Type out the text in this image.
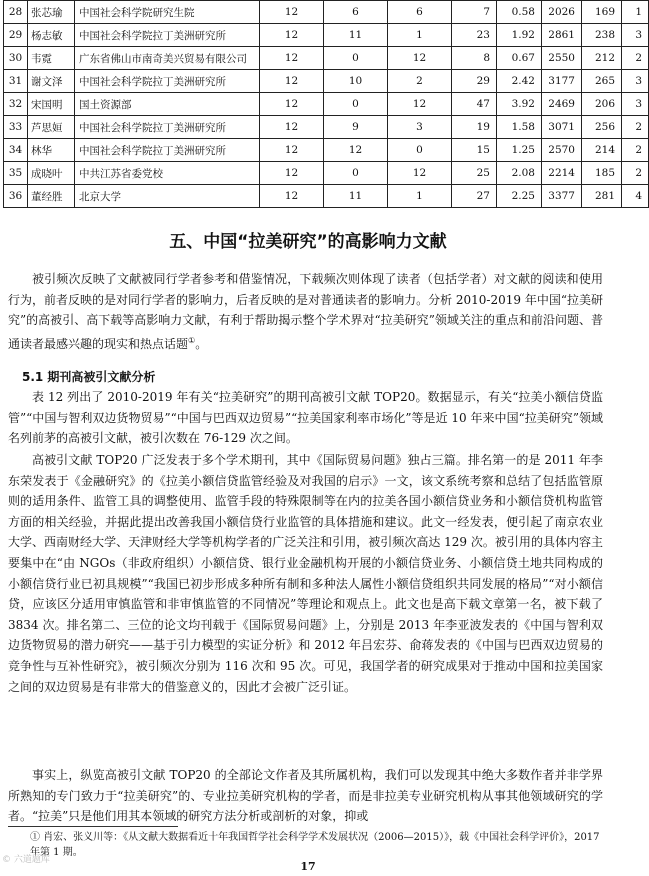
28	张芯瑜	中国社会科学院研究生院	12	6	6	7	0.58	2026	169	1
29	杨志敏	中国社会科学院拉丁美洲研究所	12	11	1	23	1.92	2861	238	3
30	韦霓	广东省佛山市南奇美兴贸易有限公司	12	0	12	8	0.67	2550	212	2
31	谢文泽	中国社会科学院拉丁美洲研究所	12	10	2	29	2.42	3177	265	3
32	宋国明	国土资源部	12	0	12	47	3.92	2469	206	3
33	芦思姮	中国社会科学院拉丁美洲研究所	12	9	3	19	1.58	3071	256	2
34	林华	中国社会科学院拉丁美洲研究所	12	12	0	15	1.25	2570	214	2
35	成晓叶	中共江苏省委党校	12	0	12	25	2.08	2214	185	2
36	董经胜	北京大学	12	11	1	27	2.25	3377	281	4
五、中国“拉美研究”的高影响力文献

被引频次反映了文献被同行学者参考和借鉴情况，下载频次则体现了读者（包括学者）对文献的阅读和使用行为，前者反映的是对同行学者的影响力，后者反映的是对普通读者的影响力。分析 2010-2019 年中国“拉美研究”的高被引、高下载等高影响力文献，有利于帮助揭示整个学术界对“拉美研究”领域关注的重点和前沿问题、普通读者最感兴趣的现实和热点话题①。

5.1 期刊高被引文献分析

表 12 列出了 2010-2019 年有关“拉美研究”的期刊高被引文献 TOP20。数据显示，有关“拉美小额信贷监管”“中国与智利双边货物贸易”“中国与巴西双边贸易”“拉美国家利率市场化”等是近 10 年来中国“拉美研究”领域名列前茅的高被引文献，被引次数在 76-129 次之间。

高被引文献 TOP20 广泛发表于多个学术期刊，其中《国际贸易问题》独占三篇。排名第一的是 2011 年李东荣发表于《金融研究》的《拉美小额信贷监管经验及对我国的启示》一文，该文系统考察和总结了包括监管原则的适用条件、监管工具的调整使用、监管手段的特殊限制等在内的拉美各国小额信贷业务和小额信贷机构监管方面的相关经验，并据此提出改善我国小额信贷行业监管的具体措施和建议。此文一经发表，便引起了南京农业大学、西南财经大学、天津财经大学等机构学者的广泛关注和引用，被引频次高达 129 次。被引用的具体内容主要集中在“由 NGOs（非政府组织）小额信贷、银行业金融机构开展的小额信贷业务、小额信贷土地共同构成的小额信贷行业已初具规模”“我国已初步形成多种所有制和多种法人属性小额信贷组织共同发展的格局”“对小额信贷，应该区分适用审慎监管和非审慎监管的不同情况”等理论和观点上。此文也是高下载文章第一名，被下载了 3834 次。排名第二、三位的论文均刊载于《国际贸易问题》上，分别是 2013 年李亚波发表的《中国与智利双边货物贸易的潜力研究——基于引力模型的实证分析》和 2012 年吕宏芬、俞蒋发表的《中国与巴西双边贸易的竞争性与互补性研究》，被引频次分别为 116 次和 95 次。可见，我国学者的研究成果对于推动中国和拉美国家之间的双边贸易是有非常大的借鉴意义的，因此才会被广泛引证。

事实上，纵览高被引文献 TOP20 的全部论文作者及其所属机构，我们可以发现其中绝大多数作者并非学界所熟知的专门致力于“拉美研究”的、专业拉美研究机构的学者，而是非拉美专业研究机构从事其他领域研究的学者。“拉美”只是他们用其本领域的研究方法分析或剖析的对象，抑或

① 肖宏、张义川等：《从文献大数据看近十年我国哲学社会科学学术发展状况（2006—2015）》，载《中国社会科学评价》，2017 年第 1 期。
© 六道题库	17
